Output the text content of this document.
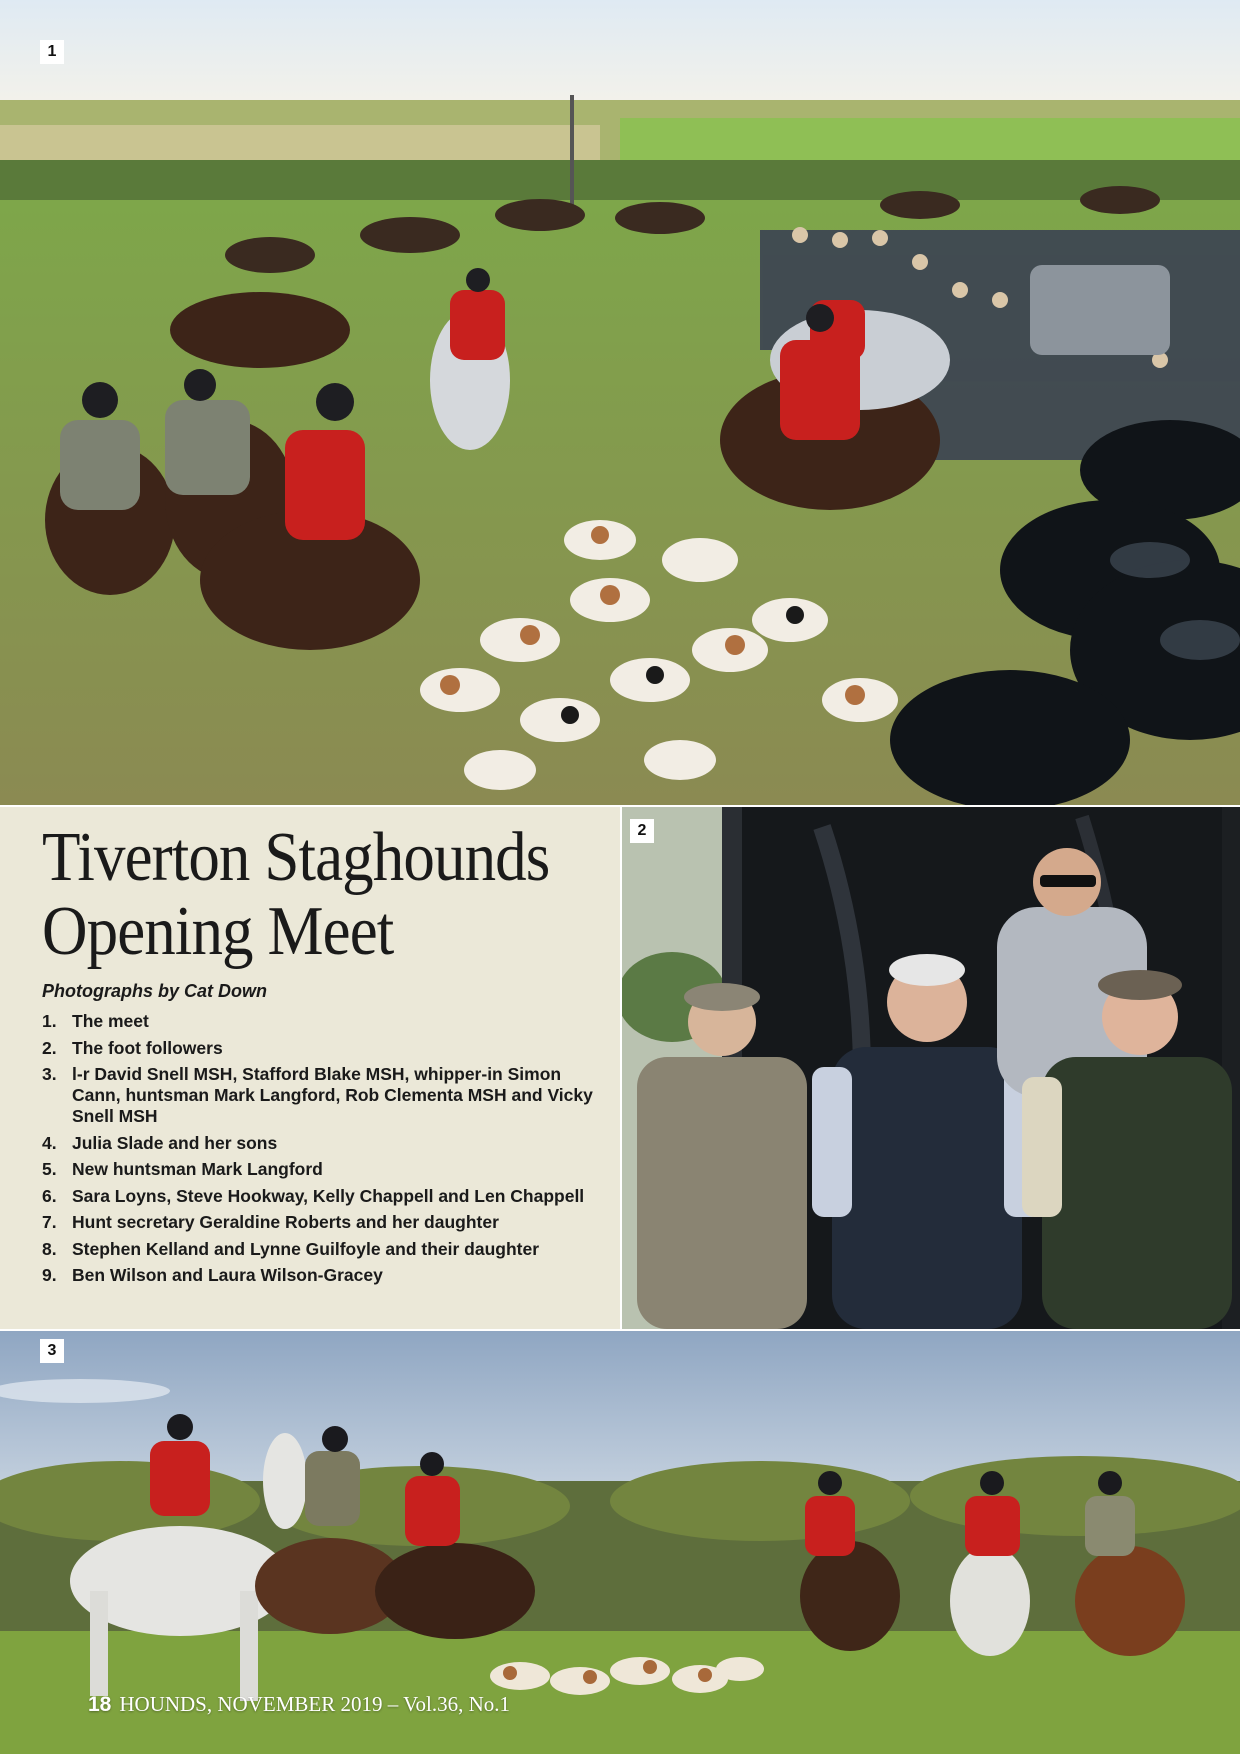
1
Tiverton Staghounds
Opening Meet
Photographs by Cat Down
1. The meet
2. The foot followers
3. l-r David Snell MSH, Stafford Blake MSH, whipper-in Simon Cann, huntsman Mark Langford, Rob Clementa MSH and Vicky Snell MSH
4. Julia Slade and her sons
5. New huntsman Mark Langford
6. Sara Loyns, Steve Hookway, Kelly Chappell and Len Chappell
7. Hunt secretary Geraldine Roberts and her daughter
8. Stephen Kelland and Lynne Guilfoyle and their daughter
9. Ben Wilson and Laura Wilson-Gracey
2
3
18 HOUNDS, NOVEMBER 2019 – Vol.36, No.1
